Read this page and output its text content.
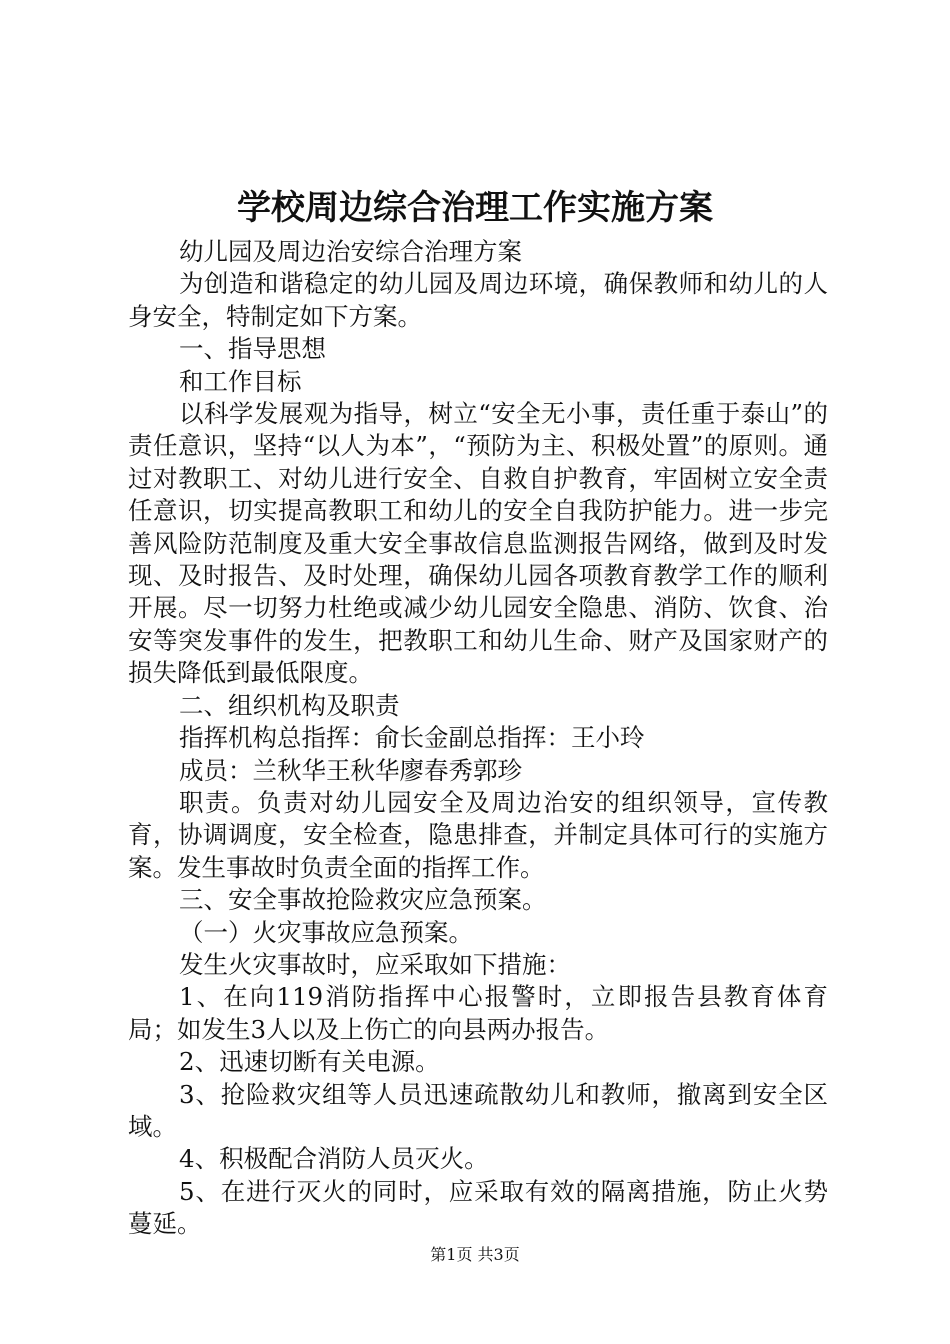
学校周边综合治理工作实施方案

幼儿园及周边治安综合治理方案

为创造和谐稳定的幼儿园及周边环境，确保教师和幼儿的人身安全，特制定如下方案。

一、指导思想

和工作目标

以科学发展观为指导，树立“安全无小事，责任重于泰山”的责任意识，坚持“以人为本”，“预防为主、积极处置”的原则。通过对教职工、对幼儿进行安全、自救自护教育，牢固树立安全责任意识，切实提高教职工和幼儿的安全自我防护能力。进一步完善风险防范制度及重大安全事故信息监测报告网络，做到及时发现、及时报告、及时处理，确保幼儿园各项教育教学工作的顺利开展。尽一切努力杜绝或减少幼儿园安全隐患、消防、饮食、治安等突发事件的发生，把教职工和幼儿生命、财产及国家财产的损失降低到最低限度。

二、组织机构及职责

指挥机构总指挥：俞长金副总指挥：王小玲

成员：兰秋华王秋华廖春秀郭珍

职责。负责对幼儿园安全及周边治安的组织领导，宣传教育，协调调度，安全检查，隐患排查，并制定具体可行的实施方案。发生事故时负责全面的指挥工作。

三、安全事故抢险救灾应急预案。

（一）火灾事故应急预案。

发生火灾事故时，应采取如下措施：

1、在向119消防指挥中心报警时，立即报告县教育体育局；如发生3人以及上伤亡的向县两办报告。

2、迅速切断有关电源。

3、抢险救灾组等人员迅速疏散幼儿和教师，撤离到安全区域。

4、积极配合消防人员灭火。

5、在进行灭火的同时，应采取有效的隔离措施，防止火势蔓延。

第1页 共3页
